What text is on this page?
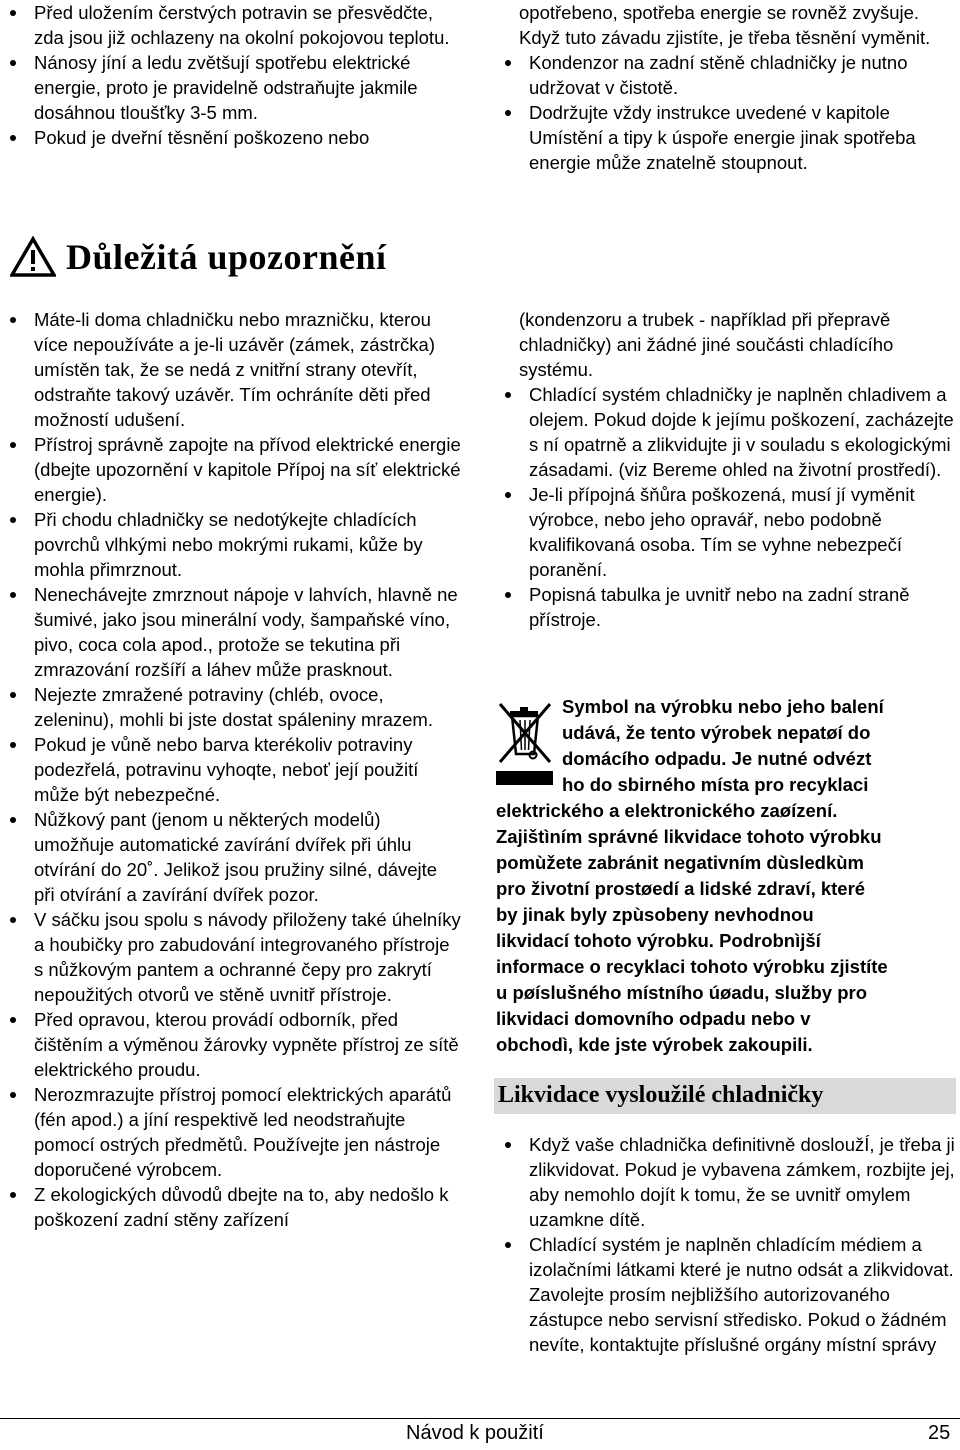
Před uložením čerstvých potravin se přesvědčte, zda jsou již ochlazeny na okolní pokojovou teplotu.
Nánosy jíní a ledu zvětšují spotřebu elektrické energie, proto je pravidelně odstraňujte jakmile dosáhnou tloušťky 3-5 mm.
Pokud je dveřní těsnění poškozeno nebo
opotřebeno, spotřeba energie se rovněž zvyšuje. Když tuto závadu zjistíte, je třeba těsnění vyměnit.
Kondenzor na zadní stěně chladničky je nutno udržovat v čistotě.
Dodržujte vždy instrukce uvedené v kapitole Umístění a tipy k úspoře energie jinak spotřeba energie může znatelně stoupnout.
Důležitá upozornění
Máte-li doma chladničku nebo mrazničku, kterou více nepoužíváte a je-li uzávěr (zámek, zástrčka) umístěn tak, že se nedá z vnitřní strany otevřít, odstraňte takový uzávěr. Tím ochráníte děti před možností udušení.
Přístroj správně zapojte na přívod elektrické energie (dbejte upozornění v kapitole Přípoj na síť elektrické energie).
Při chodu chladničky se nedotýkejte chladících povrchů vlhkými nebo mokrými rukami, kůže by mohla přimrznout.
Nenechávejte zmrznout nápoje v lahvích, hlavně ne šumivé, jako jsou minerální vody, šampaňské víno, pivo, coca cola apod., protože se tekutina při zmrazování rozšíří a láhev může prasknout.
Nejezte zmražené potraviny (chléb, ovoce, zeleninu), mohli bi jste dostat spáleniny mrazem.
Pokud je vůně nebo barva kterékoliv potraviny podezřelá, potravinu vyhoqte, neboť její použití může být nebezpečné.
Nůžkový pant (jenom u některých modelů) umožňuje automatické zavírání dvířek při úhlu otvírání do 20˚. Jelikož jsou pružiny silné, dávejte při otvírání a zavírání dvířek pozor.
V sáčku jsou spolu s návody přiloženy také úhelníky a houbičky pro zabudování integrovaného přístroje s nůžkovým pantem a ochranné čepy pro zakrytí nepoužitých otvorů ve stěně uvnitř přístroje.
Před opravou, kterou provádí odborník, před čištěním a výměnou žárovky vypněte přístroj ze sítě elektrického proudu.
Nerozmrazujte přístroj pomocí elektrických aparátů (fén apod.) a jíní respektivě led neodstraňujte pomocí ostrých předmětů. Používejte jen nástroje doporučené výrobcem.
Z ekologických důvodů dbejte na to, aby nedošlo k poškození zadní stěny zařízení
(kondenzoru a trubek - například při přepravě chladničky) ani žádné jiné součásti chladícího systému.
Chladící systém chladničky je naplněn chladivem a olejem. Pokud dojde k jejímu poškození, zacházejte s ní opatrně a zlikvidujte ji v souladu s ekologickými zásadami. (viz Bereme ohled na životní prostředí).
Je-li přípojná šňůra poškozená, musí jí vyměnit výrobce, nebo jeho opravář, nebo podobně kvalifikovaná osoba. Tím se vyhne nebezpečí poranění.
Popisná tabulka je uvnitř nebo na zadní straně přístroje.
Symbol na výrobku nebo jeho balení
udává, že tento výrobek nepatøí do
domácího odpadu. Je nutné odvézt
ho do sbirného místa pro recyklaci
elektrického a elektronického zaøízení.
Zajištìním správné likvidace tohoto výrobku
pomùžete zabránit negativním dùsledkùm
pro životní prostøedí a lidské zdraví, které
by jinak byly zpùsobeny nevhodnou
likvidací tohoto výrobku. Podrobnìjší
informace o recyklaci tohoto výrobku zjistíte
u pøíslušného místního úøadu, služby pro
likvidaci domovního odpadu nebo v
obchodì, kde jste výrobek zakoupili.
Likvidace vysloužilé chladničky
Když vaše chladnička definitivně dosloužÍ, je třeba ji zlikvidovat. Pokud je vybavena zámkem, rozbijte jej, aby nemohlo dojít k tomu, že se uvnitř omylem uzamkne dítě.
Chladící systém je naplněn chladícím médiem a izolačními látkami které je nutno odsát a zlikvidovat. Zavolejte prosím nejbližšího autorizovaného zástupce nebo servisní středisko. Pokud o žádném nevíte, kontaktujte příslušné orgány místní správy
Návod k použití	25
